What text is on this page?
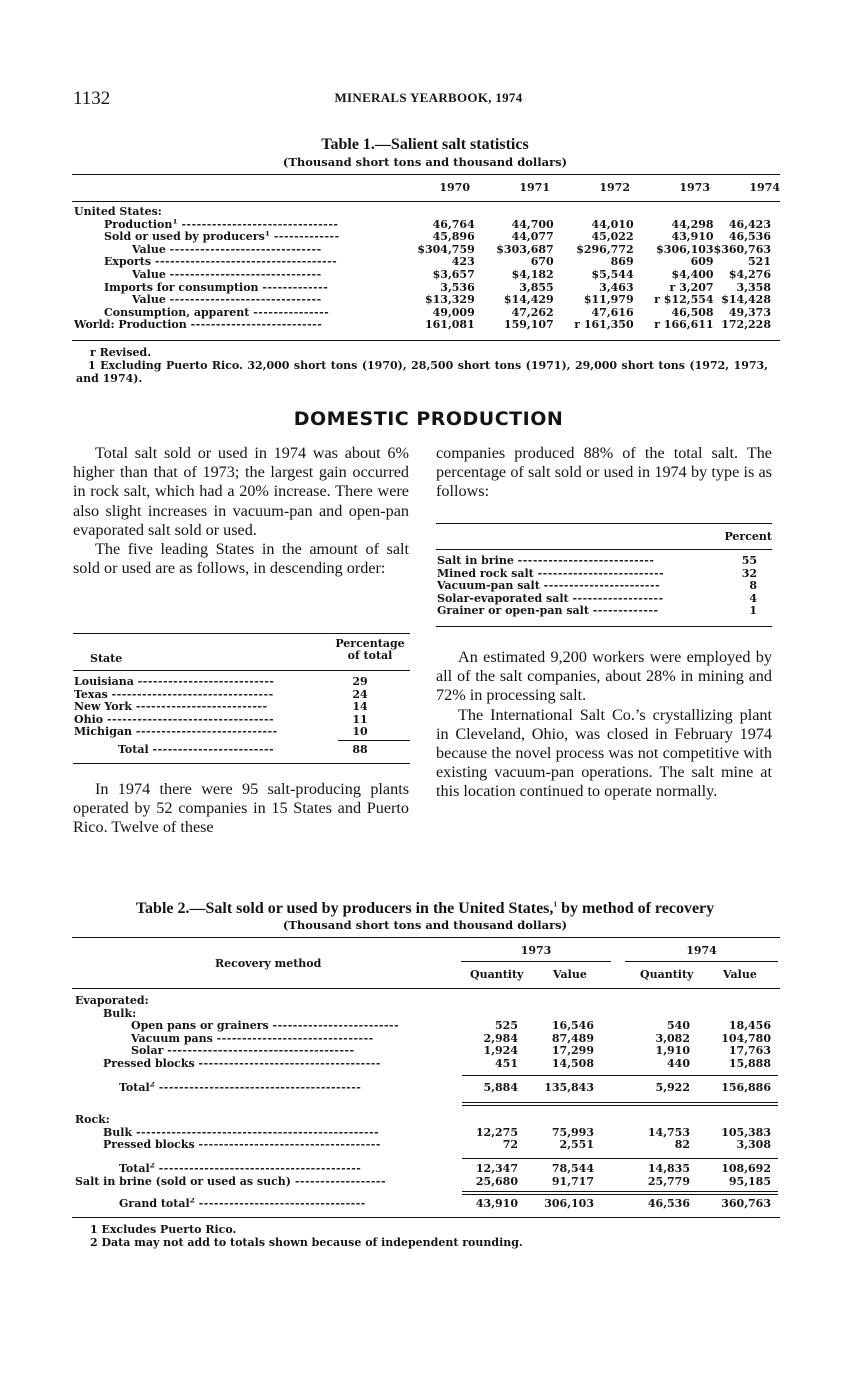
1132	MINERALS YEARBOOK, 1974
Table 1.—Salient salt statistics
(Thousand short tons and thousand dollars)
1970	1971	1972	1973	1974
United States:					
Production$^1$ -------------------------------	46,764	44,700	44,010	44,298	46,423
Sold or used by producers$^1$ -------------	45,896	44,077	45,022	43,910	46,536
Value ------------------------------	$304,759	$303,687	$296,772	$306,103	$360,763
Exports ------------------------------------	423	670	869	609	521
Value ------------------------------	$3,657	$4,182	$5,544	$4,400	$4,276
Imports for consumption -------------	3,536	3,855	3,463	r 3,207	3,358
Value ------------------------------	$13,329	$14,429	$11,979	r $12,554	$14,428
Consumption, apparent ---------------	49,009	47,262	47,616	46,508	49,373
World: Production --------------------------	161,081	159,107	r 161,350	r 166,611	172,228
r Revised.
1 Excluding Puerto Rico. 32,000 short tons (1970), 28,500 short tons (1971), 29,000 short tons (1972, 1973, and 1974).
DOMESTIC PRODUCTION

Total salt sold or used in 1974 was about 6% higher than that of 1973; the largest gain occurred in rock salt, which had a 20% increase. There were also slight increases in vacuum-pan and open-pan evaporated salt sold or used.

The five leading States in the amount of salt sold or used are as follows, in descending order:

State
Percentage of total
Louisiana ---------------------------	29
Texas --------------------------------	24
New York --------------------------	14
Ohio ---------------------------------	11
Michigan ----------------------------	10
Total ------------------------	88

In 1974 there were 95 salt-producing plants operated by 52 companies in 15 States and Puerto Rico. Twelve of these

companies produced 88% of the total salt. The percentage of salt sold or used in 1974 by type is as follows:

Percent
Salt in brine ---------------------------	55
Mined rock salt -------------------------	32
Vacuum-pan salt -----------------------	8
Solar-evaporated salt ------------------	4
Grainer or open-pan salt -------------	1

An estimated 9,200 workers were employed by all of the salt companies, about 28% in mining and 72% in processing salt.

The International Salt Co.’s crystallizing plant in Cleveland, Ohio, was closed in February 1974 because the novel process was not competitive with existing vacuum-pan operations. The salt mine at this location continued to operate normally.

Table 2.—Salt sold or used by producers in the United States,$^1$ by method of recovery
(Thousand short tons and thousand dollars)
Recovery method
1973	1974
Quantity	Value	Quantity	Value
Evaporated:				
Bulk:				
Open pans or grainers -------------------------	525	16,546	540	18,456
Vacuum pans -------------------------------	2,984	87,489	3,082	104,780
Solar -------------------------------------	1,924	17,299	1,910	17,763
Pressed blocks ------------------------------------	451	14,508	440	15,888
Total$^2$ ----------------------------------------	5,884	135,843	5,922	156,886
Rock:				
Bulk ------------------------------------------------	12,275	75,993	14,753	105,383
Pressed blocks ------------------------------------	72	2,551	82	3,308
Total$^2$ ----------------------------------------	12,347	78,544	14,835	108,692
Salt in brine (sold or used as such) ------------------	25,680	91,717	25,779	95,185
Grand total$^2$ ---------------------------------	43,910	306,103	46,536	360,763
1 Excludes Puerto Rico.
2 Data may not add to totals shown because of independent rounding.
